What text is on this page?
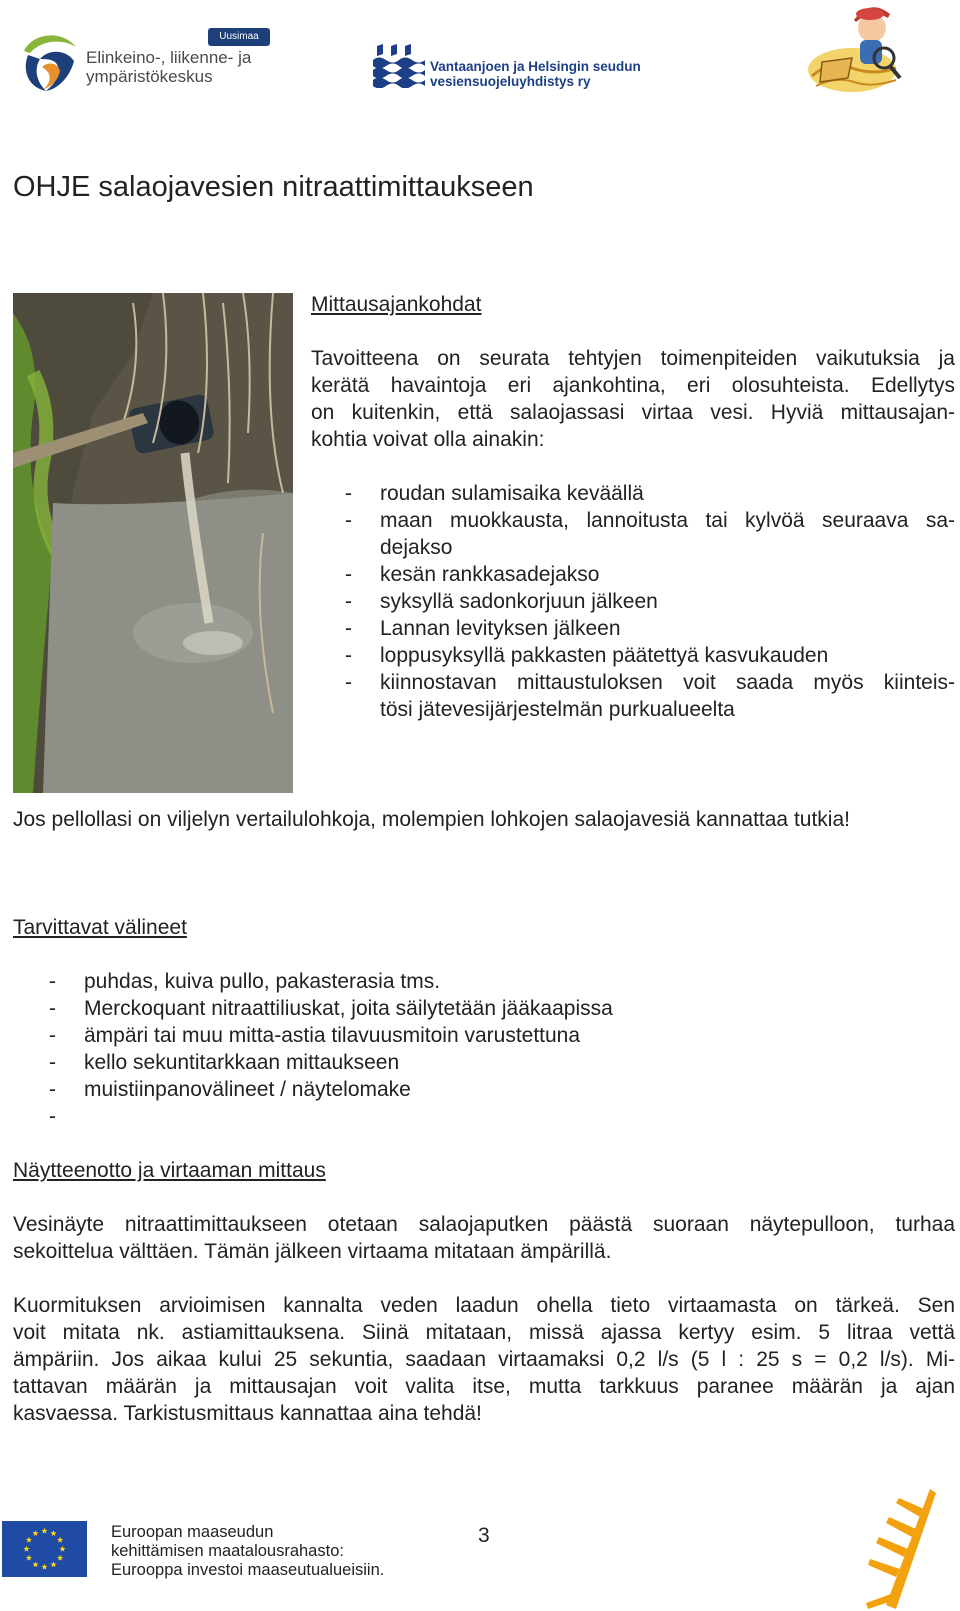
Uusimaa
Elinkeino-, liikenne- ja
ympäristökeskus
Vantaanjoen ja Helsingin seudun
vesiensuojeluyhdistys ry
OHJE salaojavesien nitraattimittaukseen
Mittausajankohdat
Tavoitteena on seurata tehtyjen toimenpiteiden vaikutuksia ja
kerätä havaintoja eri ajankohtina, eri olosuhteista. Edellytys
on kuitenkin, että salaojassasi virtaa vesi. Hyviä mittausajan-
kohtia voivat olla ainakin:
- roudan sulamisaika keväällä
- maan muokkausta, lannoitusta tai kylvöä seuraava sa-
dejakso
- kesän rankkasadejakso
- syksyllä sadonkorjuun jälkeen
- Lannan levityksen jälkeen
- loppusyksyllä pakkasten päätettyä kasvukauden
- kiinnostavan mittaustuloksen voit saada myös kiinteis-
tösi jätevesijärjestelmän purkualueelta
Jos pellollasi on viljelyn vertailulohkoja, molempien lohkojen salaojavesiä kannattaa tutkia!
Tarvittavat välineet
- puhdas, kuiva pullo, pakasterasia tms.
- Merckoquant nitraattiliuskat, joita säilytetään jääkaapissa
- ämpäri tai muu mitta-astia tilavuusmitoin varustettuna
- kello sekuntitarkkaan mittaukseen
- muistiinpanovälineet / näytelomake
-
Näytteenotto ja virtaaman mittaus
Vesinäyte nitraattimittaukseen otetaan salaojaputken päästä suoraan näytepulloon, turhaa
sekoittelua välttäen. Tämän jälkeen virtaama mitataan ämpärillä.
Kuormituksen arvioimisen kannalta veden laadun ohella tieto virtaamasta on tärkeä. Sen
voit mitata nk. astiamittauksena. Siinä mitataan, missä ajassa kertyy esim. 5 litraa vettä
ämpäriin. Jos aikaa kului 25 sekuntia, saadaan virtaamaksi 0,2 l/s (5 l : 25 s = 0,2 l/s). Mi-
tattavan määrän ja mittausajan voit valita itse, mutta tarkkuus paranee määrän ja ajan
kasvaessa. Tarkistusmittaus kannattaa aina tehdä!
Euroopan maaseudun
kehittämisen maatalousrahasto:
Eurooppa investoi maaseutualueisiin.
3
